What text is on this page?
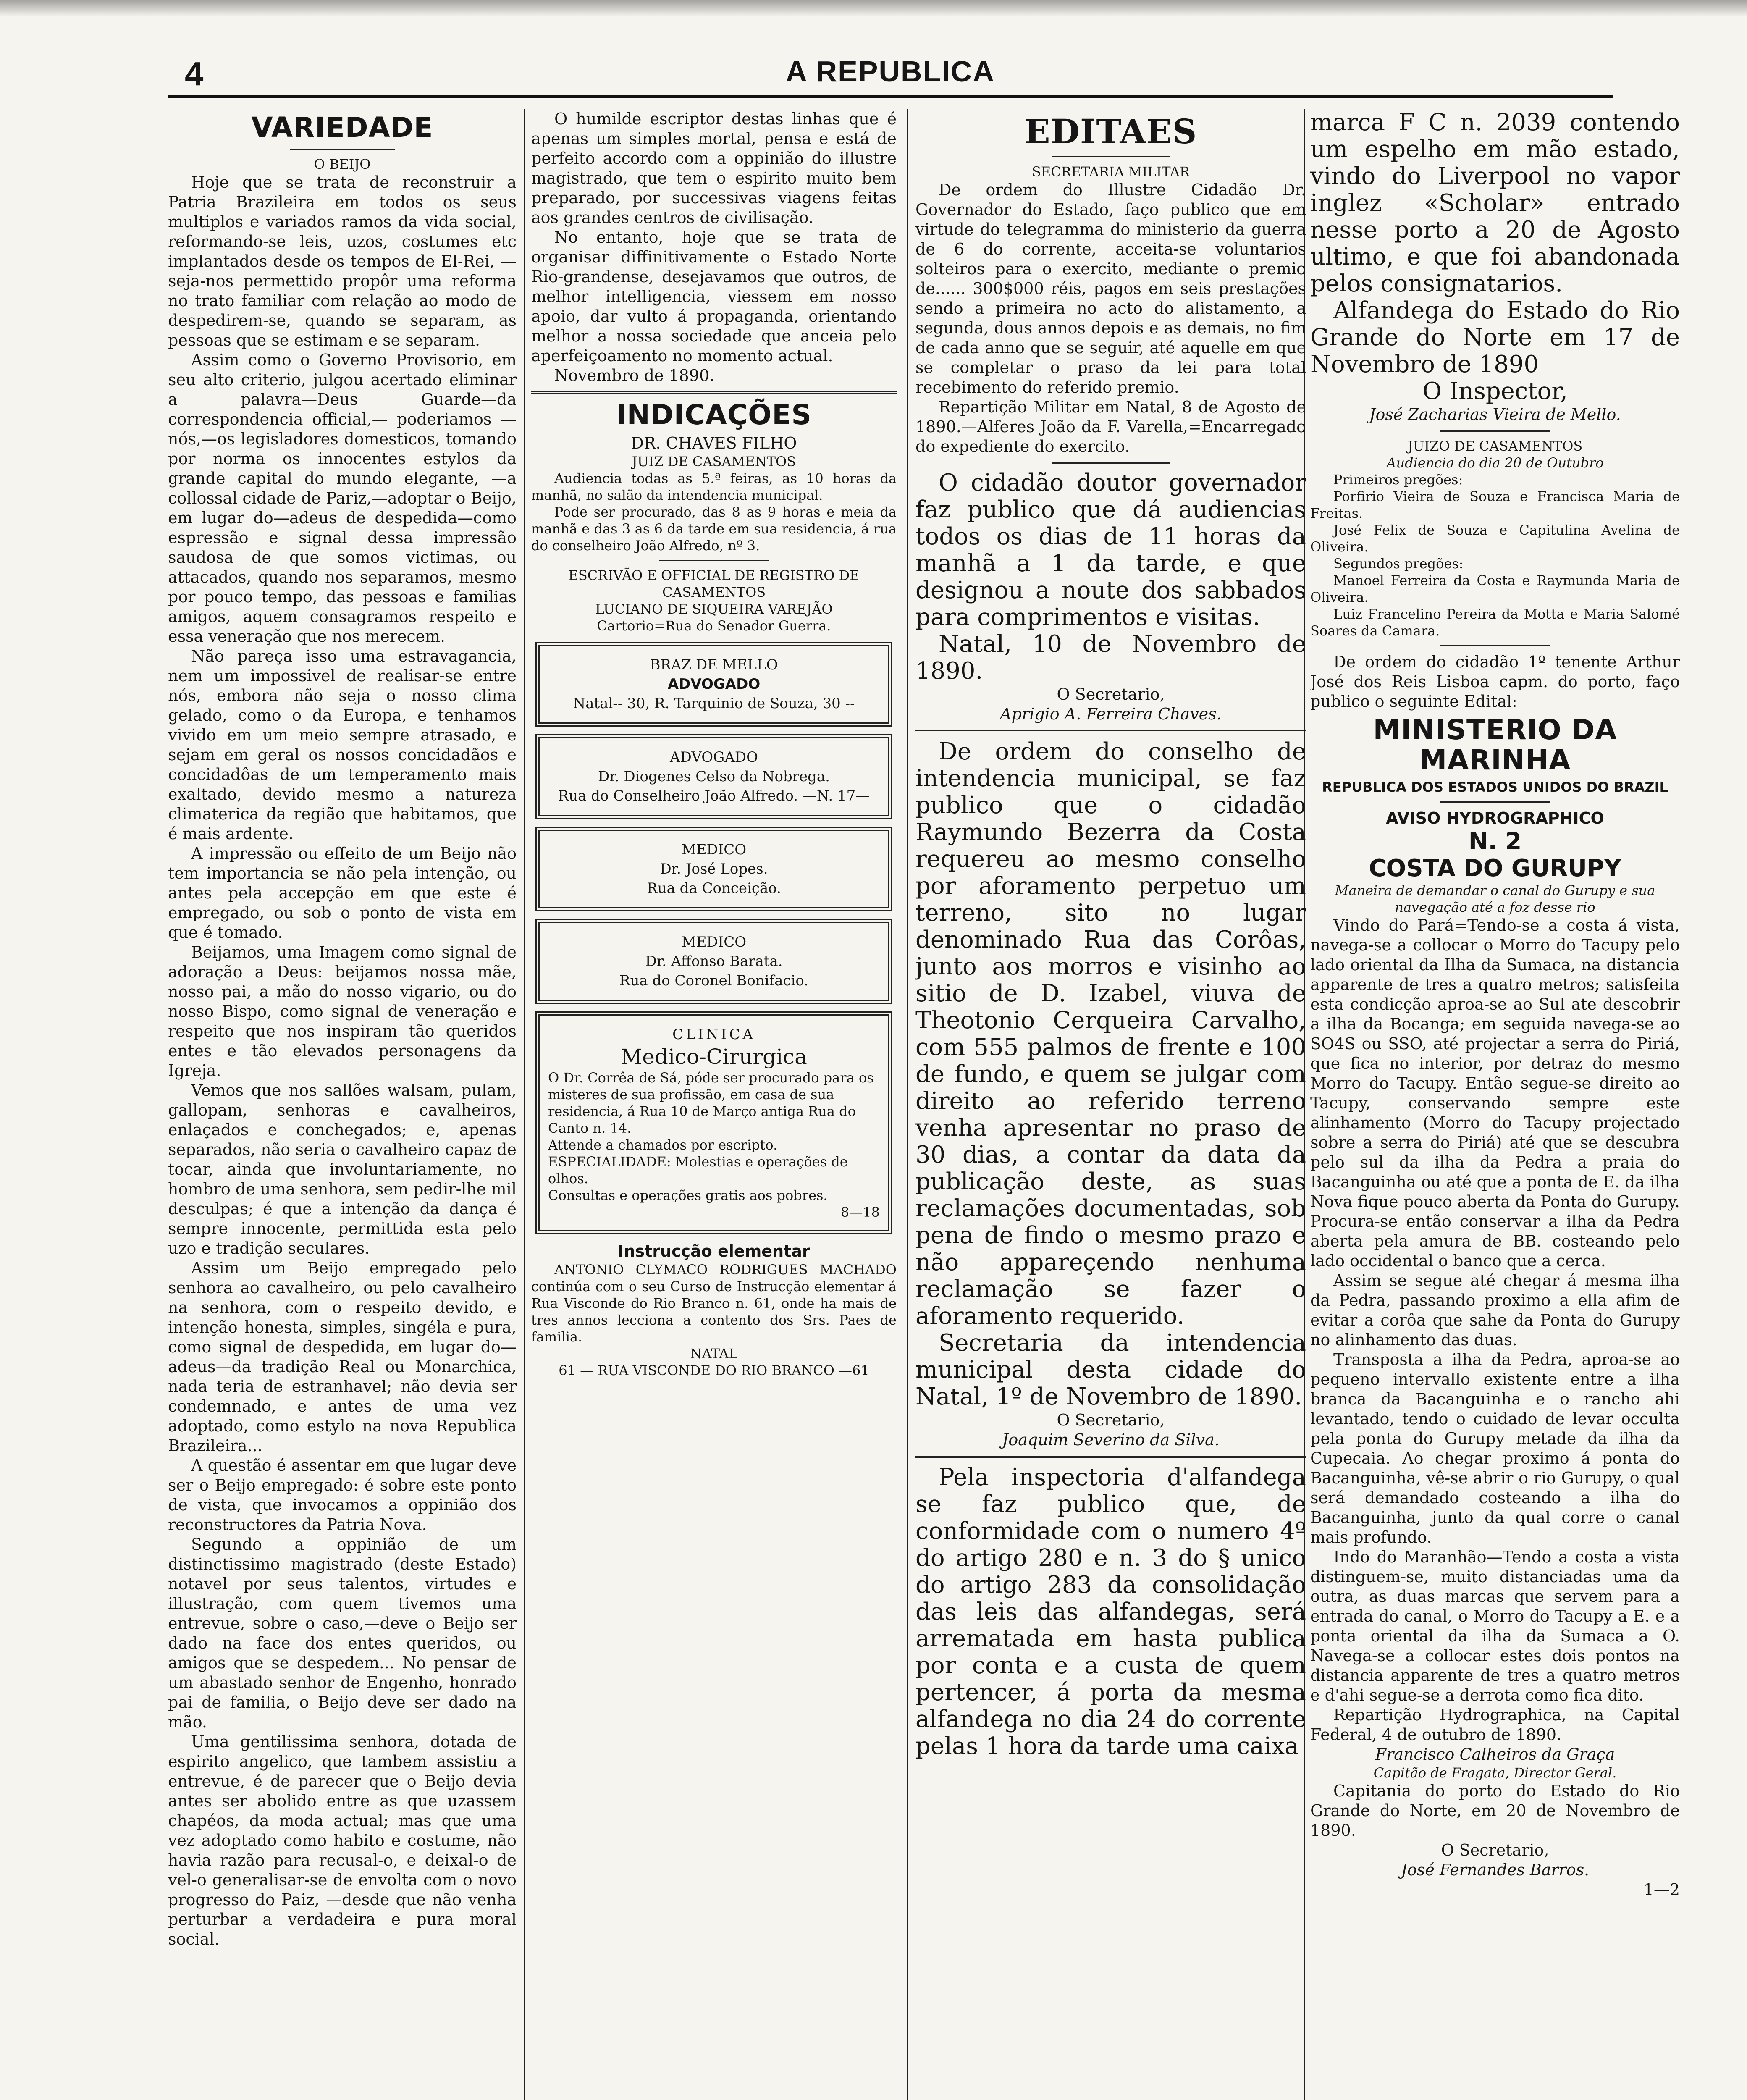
4	A REPUBLICA
VARIEDADE

O BEIJO

Hoje que se trata de reconstruir a Patria Brazileira em todos os seus multiplos e variados ramos da vida social, reformando-se leis, uzos, costumes etc implantados desde os tempos de El-Rei, —seja-nos permettido propôr uma reforma no trato familiar com relação ao modo de despedirem-se, quando se separam, as pessoas que se estimam e se separam.

Assim como o Governo Provisorio, em seu alto criterio, julgou acertado eliminar a palavra—Deus Guarde—da correspondencia official,— poderiamos —nós,—os legisladores domesticos, tomando por norma os innocentes estylos da grande capital do mundo elegante, —a collossal cidade de Pariz,—adoptar o Beijo, em lugar do—adeus de despedida—como espressão e signal dessa impressão saudosa de que somos victimas, ou attacados, quando nos separamos, mesmo por pouco tempo, das pessoas e familias amigos, aquem consagramos respeito e essa veneração que nos merecem.

Não pareça isso uma estravagancia, nem um impossivel de realisar-se entre nós, embora não seja o nosso clima gelado, como o da Europa, e tenhamos vivido em um meio sempre atrasado, e sejam em geral os nossos concidadãos e concidadôas de um temperamento mais exaltado, devido mesmo a natureza climaterica da região que habitamos, que é mais ardente.

A impressão ou effeito de um Beijo não tem importancia se não pela intenção, ou antes pela accepção em que este é empregado, ou sob o ponto de vista em que é tomado.

Beijamos, uma Imagem como signal de adoração a Deus: beijamos nossa mãe, nosso pai, a mão do nosso vigario, ou do nosso Bispo, como signal de veneração e respeito que nos inspiram tão queridos entes e tão elevados personagens da Igreja.

Vemos que nos sallões walsam, pulam, gallopam, senhoras e cavalheiros, enlaçados e conchegados; e, apenas separados, não seria o cavalheiro capaz de tocar, ainda que involuntariamente, no hombro de uma senhora, sem pedir-lhe mil desculpas; é que a intenção da dança é sempre innocente, permittida esta pelo uzo e tradição seculares.

Assim um Beijo empregado pelo senhora ao cavalheiro, ou pelo cavalheiro na senhora, com o respeito devido, e intenção honesta, simples, singéla e pura, como signal de despedida, em lugar do—adeus—da tradição Real ou Monarchica, nada teria de estranhavel; não devia ser condemnado, e antes de uma vez adoptado, como estylo na nova Republica Brazileira...

A questão é assentar em que lugar deve ser o Beijo empregado: é sobre este ponto de vista, que invocamos a oppinião dos reconstructores da Patria Nova.

Segundo a oppinião de um distinctissimo magistrado (deste Estado) notavel por seus talentos, virtudes e illustração, com quem tivemos uma entrevue, sobre o caso,—deve o Beijo ser dado na face dos entes queridos, ou amigos que se despedem... No pensar de um abastado senhor de Engenho, honrado pai de familia, o Beijo deve ser dado na mão.

Uma gentilissima senhora, dotada de espirito angelico, que tambem assistiu a entrevue, é de parecer que o Beijo devia antes ser abolido entre as que uzassem chapéos, da moda actual; mas que uma vez adoptado como habito e costume, não havia razão para recusal-o, e deixal-o de vel-o generalisar-se de envolta com o novo progresso do Paiz, —desde que não venha perturbar a verdadeira e pura moral social.

O humilde escriptor destas linhas que é apenas um simples mortal, pensa e está de perfeito accordo com a oppinião do illustre magistrado, que tem o espirito muito bem preparado, por successivas viagens feitas aos grandes centros de civilisação.

No entanto, hoje que se trata de organisar diffinitivamente o Estado Norte Rio-grandense, desejavamos que outros, de melhor intelligencia, viessem em nosso apoio, dar vulto á propaganda, orientando melhor a nossa sociedade que anceia pelo aperfeiçoamento no momento actual.

Novembro de 1890.

INDICAÇÕES

DR. CHAVES FILHO

JUIZ DE CASAMENTOS

Audiencia todas as 5.ª feiras, as 10 horas da manhã, no salão da intendencia municipal.

Pode ser procurado, das 8 as 9 horas e meia da manhã e das 3 as 6 da tarde em sua residencia, á rua do conselheiro João Alfredo, nº 3.

ESCRIVÃO E OFFICIAL DE REGISTRO DE CASAMENTOS

LUCIANO DE SIQUEIRA VAREJÃO

Cartorio=Rua do Senador Guerra.

BRAZ DE MELLO
ADVOGADO
Natal-- 30, R. Tarquinio de Souza, 30 --
ADVOGADO
Dr. Diogenes Celso da Nobrega.
Rua do Conselheiro João Alfredo. —N. 17—
MEDICO
Dr. José Lopes.
Rua da Conceição.
MEDICO
Dr. Affonso Barata.
Rua do Coronel Bonifacio.
CLINICA
Medico-Cirurgica
O Dr. Corrêa de Sá, póde ser procurado para os misteres de sua profissão, em casa de sua residencia, á Rua 10 de Março antiga Rua do Canto n. 14.
Attende a chamados por escripto.
ESPECIALIDADE: Molestias e operações de olhos.
Consultas e operações gratis aos pobres.
8—18

Instrucção elementar

ANTONIO CLYMACO RODRIGUES MACHADO continúa com o seu Curso de Instrucção elementar á Rua Visconde do Rio Branco n. 61, onde ha mais de tres annos lecciona a contento dos Srs. Paes de familia.

NATAL

61 — RUA VISCONDE DO RIO BRANCO —61

EDITAES

SECRETARIA MILITAR

De ordem do Illustre Cidadão Dr. Governador do Estado, faço publico que em virtude do telegramma do ministerio da guerra de 6 do corrente, acceita-se voluntarios solteiros para o exercito, mediante o premio de...... 300$000 réis, pagos em seis prestações sendo a primeira no acto do alistamento, a segunda, dous annos depois e as demais, no fim de cada anno que se seguir, até aquelle em que se completar o praso da lei para total recebimento do referido premio.

Repartição Militar em Natal, 8 de Agosto de 1890.—Alferes João da F. Varella,=Encarregado do expediente do exercito.

O cidadão doutor governador faz publico que dá audiencias todos os dias de 11 horas da manhã a 1 da tarde, e que designou a noute dos sabbados para comprimentos e visitas.

Natal, 10 de Novembro de 1890.

O Secretario,

Aprigio A. Ferreira Chaves.

De ordem do conselho de intendencia municipal, se faz publico que o cidadão Raymundo Bezerra da Costa requereu ao mesmo conselho por aforamento perpetuo um terreno, sito no lugar denominado Rua das Corôas, junto aos morros e visinho ao sitio de D. Izabel, viuva de Theotonio Cerqueira Carvalho, com 555 palmos de frente e 100 de fundo, e quem se julgar com direito ao referido terreno venha apresentar no praso de 30 dias, a contar da data da publicação deste, as suas reclamações documentadas, sob pena de findo o mesmo prazo e não appareçendo nenhuma reclamação se fazer o aforamento requerido.

Secretaria da intendencia municipal desta cidade do Natal, 1º de Novembro de 1890.

O Secretario,

Joaquim Severino da Silva.

Pela inspectoria d'alfandega se faz publico que, de conformidade com o numero 4º do artigo 280 e n. 3 do § unico do artigo 283 da consolidação das leis das alfandegas, será arrematada em hasta publica por conta e a custa de quem pertencer, á porta da mesma alfandega no dia 24 do corrente pelas 1 hora da tarde uma caixa

marca F C n. 2039 contendo um espelho em mão estado, vindo do Liverpool no vapor inglez «Scholar» entrado nesse porto a 20 de Agosto ultimo, e que foi abandonada pelos consignatarios.

Alfandega do Estado do Rio Grande do Norte em 17 de Novembro de 1890

O Inspector,

José Zacharias Vieira de Mello.

JUIZO DE CASAMENTOS

Audiencia do dia 20 de Outubro

Primeiros pregões:

Porfirio Vieira de Souza e Francisca Maria de Freitas.

José Felix de Souza e Capitulina Avelina de Oliveira.

Segundos pregões:

Manoel Ferreira da Costa e Raymunda Maria de Oliveira.

Luiz Francelino Pereira da Motta e Maria Salomé Soares da Camara.

De ordem do cidadão 1º tenente Arthur José dos Reis Lisboa capm. do porto, faço publico o seguinte Edital:

MINISTERIO DA MARINHA

REPUBLICA DOS ESTADOS UNIDOS DO BRAZIL

AVISO HYDROGRAPHICO

N. 2

COSTA DO GURUPY

Maneira de demandar o canal do Gurupy e sua navegação até a foz desse rio

Vindo do Pará=Tendo-se a costa á vista, navega-se a collocar o Morro do Tacupy pelo lado oriental da Ilha da Sumaca, na distancia apparente de tres a quatro metros; satisfeita esta condicção aproa-se ao Sul ate descobrir a ilha da Bocanga; em seguida navega-se ao SO4S ou SSO, até projectar a serra do Piriá, que fica no interior, por detraz do mesmo Morro do Tacupy. Então segue-se direito ao Tacupy, conservando sempre este alinhamento (Morro do Tacupy projectado sobre a serra do Piriá) até que se descubra pelo sul da ilha da Pedra a praia do Bacanguinha ou até que a ponta de E. da ilha Nova fique pouco aberta da Ponta do Gurupy. Procura-se então conservar a ilha da Pedra aberta pela amura de BB. costeando pelo lado occidental o banco que a cerca.

Assim se segue até chegar á mesma ilha da Pedra, passando proximo a ella afim de evitar a corôa que sahe da Ponta do Gurupy no alinhamento das duas.

Transposta a ilha da Pedra, aproa-se ao pequeno intervallo existente entre a ilha branca da Bacanguinha e o rancho ahi levantado, tendo o cuidado de levar occulta pela ponta do Gurupy metade da ilha da Cupecaia. Ao chegar proximo á ponta do Bacanguinha, vê-se abrir o rio Gurupy, o qual será demandado costeando a ilha do Bacanguinha, junto da qual corre o canal mais profundo.

Indo do Maranhão—Tendo a costa a vista distinguem-se, muito distanciadas uma da outra, as duas marcas que servem para a entrada do canal, o Morro do Tacupy a E. e a ponta oriental da ilha da Sumaca a O. Navega-se a collocar estes dois pontos na distancia apparente de tres a quatro metros e d'ahi segue-se a derrota como fica dito.

Repartição Hydrographica, na Capital Federal, 4 de outubro de 1890.

Francisco Calheiros da Graça

Capitão de Fragata, Director Geral.

Capitania do porto do Estado do Rio Grande do Norte, em 20 de Novembro de 1890.

O Secretario,

José Fernandes Barros.

1—2
